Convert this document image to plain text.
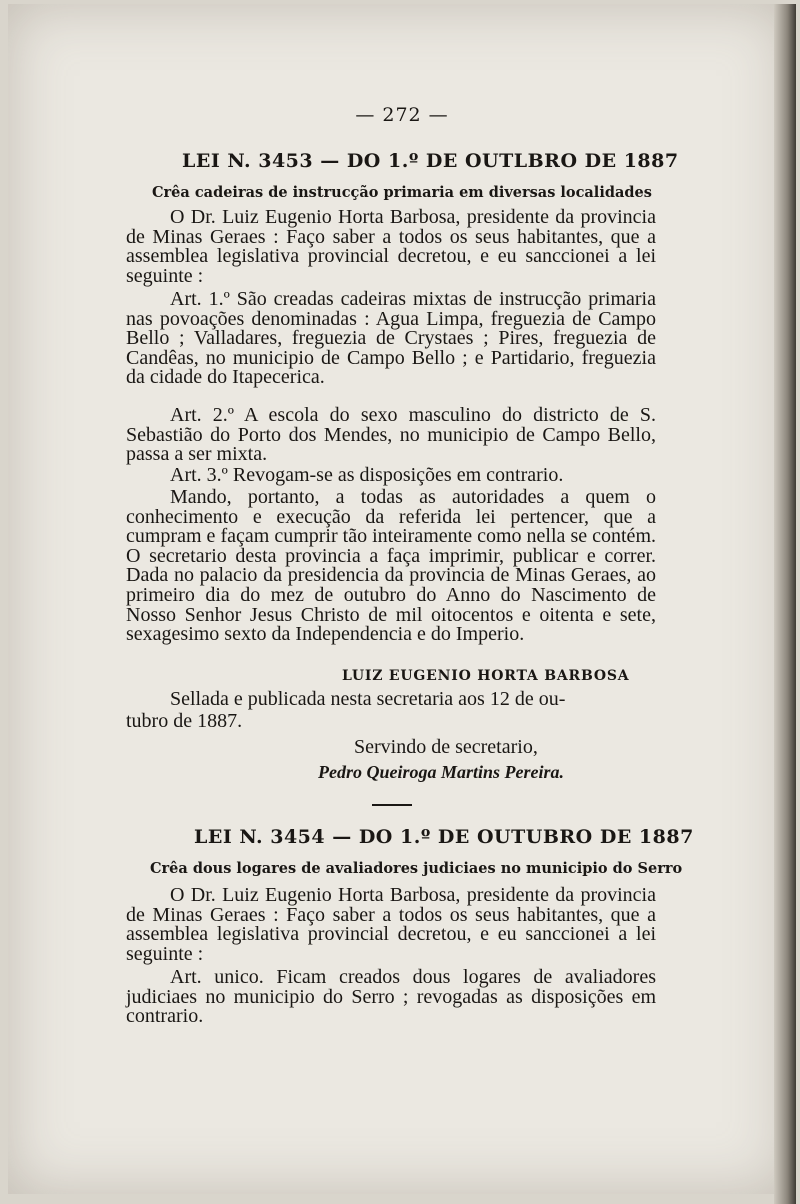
— 272 —
LEI N. 3453 — DO 1.º DE OUTLBRO DE 1887
Crêa cadeiras de instrucção primaria em diversas localidades
O Dr. Luiz Eugenio Horta Barbosa, presidente da provincia de Minas Geraes : Faço saber a todos os seus habitantes, que a assemblea legislativa provincial decretou, e eu sanccionei a lei seguinte :
Art. 1.º São creadas cadeiras mixtas de instrucção primaria nas povoações denominadas : Agua Limpa, freguezia de Campo Bello ; Valladares, freguezia de Crystaes ; Pires, freguezia de Candêas, no municipio de Campo Bello ; e Partidario, freguezia da cidade do Itapecerica.
Art. 2.º A escola do sexo masculino do districto de S. Sebastião do Porto dos Mendes, no municipio de Campo Bello, passa a ser mixta.
Art. 3.º Revogam-se as disposições em contrario.
Mando, portanto, a todas as autoridades a quem o conhecimento e execução da referida lei pertencer, que a cumpram e façam cumprir tão inteiramente como nella se contém. O secretario desta provincia a faça imprimir, publicar e correr. Dada no palacio da presidencia da provincia de Minas Geraes, ao primeiro dia do mez de outubro do Anno do Nascimento de Nosso Senhor Jesus Christo de mil oitocentos e oitenta e sete, sexagesimo sexto da Independencia e do Imperio.
LUIZ EUGENIO HORTA BARBOSA
Sellada e publicada nesta secretaria aos 12 de ou-
tubro de 1887.
Servindo de secretario,
Pedro Queiroga Martins Pereira.
LEI N. 3454 — DO 1.º DE OUTUBRO DE 1887
Crêa dous logares de avaliadores judiciaes no municipio do Serro
O Dr. Luiz Eugenio Horta Barbosa, presidente da provincia de Minas Geraes : Faço saber a todos os seus habitantes, que a assemblea legislativa provincial decretou, e eu sanccionei a lei seguinte :
Art. unico. Ficam creados dous logares de avaliadores judiciaes no municipio do Serro ; revogadas as disposições em contrario.
